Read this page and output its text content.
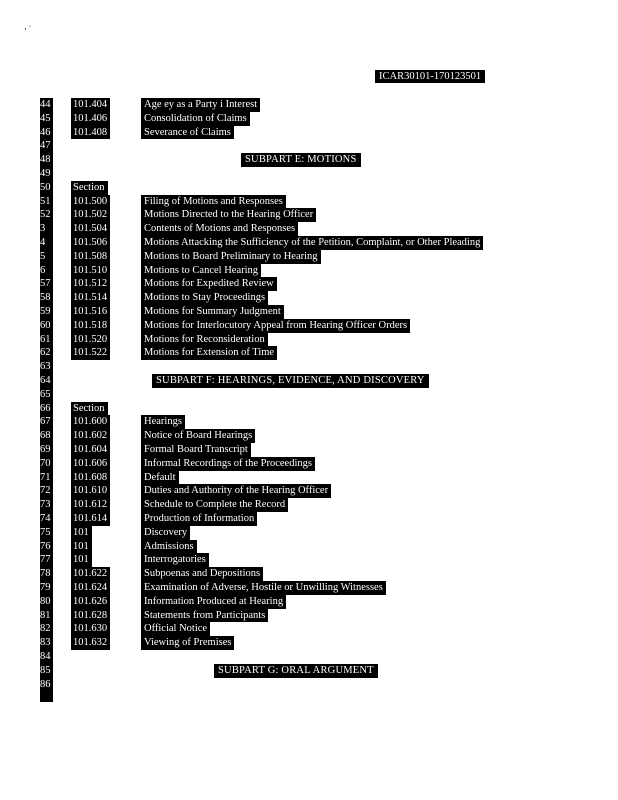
‚ ·
ICAR30101-170123501
44 101.404	Age ey as a Party i Interest
45 101.406	Consolidation of Claims
46 101.408	Severance of Claims
47
48	SUBPART E: MOTIONS
49
50 Section
51 101.500	Filing of Motions and Responses
52 101.502	Motions Directed to the Hearing Officer
3	101.504	Contents of Motions and Responses
4	101.506	Motions Attacking the Sufficiency of the Petition, Complaint, or Other Pleading
5	101.508	Motions to Board Preliminary to Hearing
6	101.510	Motions to Cancel Hearing
57 101.512	Motions for Expedited Review
58 101.514	Motions to Stay Proceedings
59 101.516	Motions for Summary Judgment
60 101.518	Motions for Interlocutory Appeal from Hearing Officer Orders
61 101.520	Motions for Reconsideration
62 101.522	Motions for Extension of Time
63
64	SUBPART F: HEARINGS, EVIDENCE, AND DISCOVERY
65
66 Section
67 101.600	Hearings
68 101.602	Notice of Board Hearings
69 101.604	Formal Board Transcript
70 101.606	Informal Recordings of the Proceedings
71 101.608	Default
72 101.610	Duties and Authority of the Hearing Officer
73 101.612	Schedule to Complete the Record
74 101.614	Production of Information
75 101	Discovery
76 101	Admissions
77 101	Interrogatories
78 101.622	Subpoenas and Depositions
79 101.624	Examination of Adverse, Hostile or Unwilling Witnesses
80 101.626	Information Produced at Hearing
81 101.628	Statements from Participants
82 101.630	Official Notice
83 101.632	Viewing of Premises
84
85	SUBPART G: ORAL ARGUMENT
86
